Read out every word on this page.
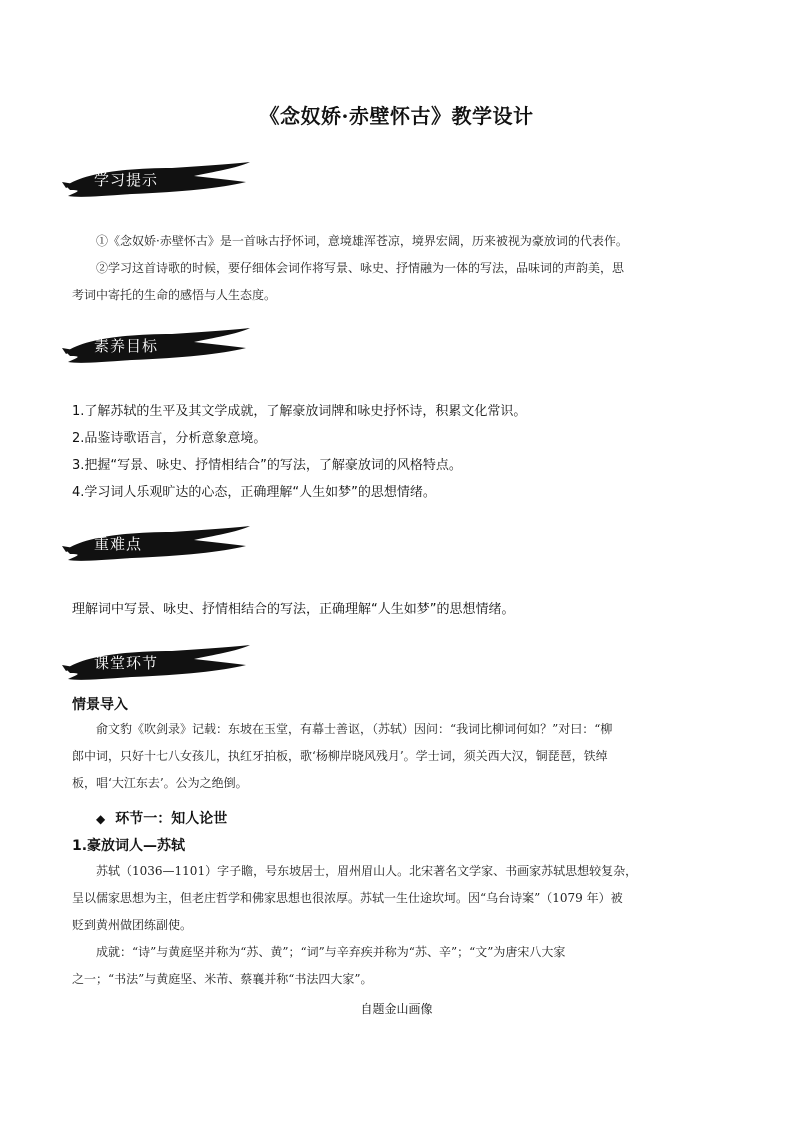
《念奴娇·赤壁怀古》教学设计
学习提示
①《念奴娇·赤壁怀古》是一首咏古抒怀词，意境雄浑苍凉，境界宏阔，历来被视为豪放词的代表作。
②学习这首诗歌的时候，要仔细体会词作将写景、咏史、抒情融为一体的写法，品味词的声韵美，思
考词中寄托的生命的感悟与人生态度。
素养目标
1.了解苏轼的生平及其文学成就，了解豪放词牌和咏史抒怀诗，积累文化常识。
2.品鉴诗歌语言，分析意象意境。
3.把握“写景、咏史、抒情相结合”的写法，了解豪放词的风格特点。
4.学习词人乐观旷达的心态，正确理解“人生如梦”的思想情绪。
重难点
理解词中写景、咏史、抒情相结合的写法，正确理解“人生如梦”的思想情绪。
课堂环节
情景导入
俞文豹《吹剑录》记载：东坡在玉堂，有幕士善讴，（苏轼）因问：“我词比柳词何如？”对曰：“柳
郎中词，只好十七八女孩儿，执红牙拍板，歌‘杨柳岸晓风残月’。学士词，须关西大汉，铜琵琶，铁绰
板，唱‘大江东去’。公为之绝倒。
◆ 环节一：知人论世
1.豪放词人—苏轼
苏轼（1036—1101）字子瞻，号东坡居士，眉州眉山人。北宋著名文学家、书画家苏轼思想较复杂，
呈以儒家思想为主，但老庄哲学和佛家思想也很浓厚。苏轼一生仕途坎坷。因“乌台诗案”（1079 年）被
贬到黄州做团练副使。
成就：“诗”与黄庭坚并称为“苏、黄”；“词”与辛弃疾并称为“苏、辛”；“文”为唐宋八大家
之一；“书法”与黄庭坚、米芾、蔡襄并称“书法四大家”。
自题金山画像
